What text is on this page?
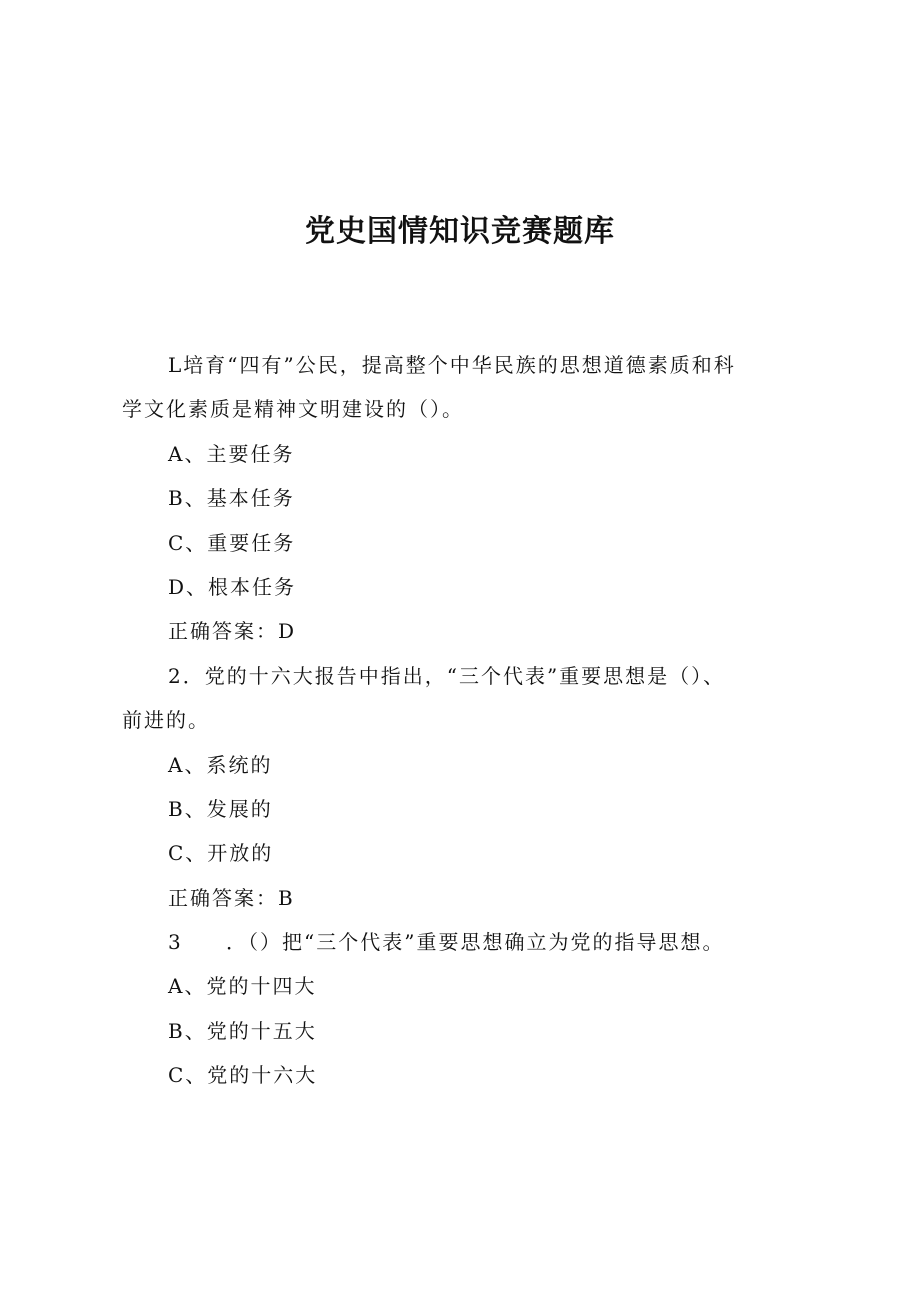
党史国情知识竞赛题库
L培育“四有”公民，提高整个中华民族的思想道德素质和科
学文化素质是精神文明建设的（）。
A、主要任务
B、基本任务
C、重要任务
D、根本任务
正确答案：D
2．党的十六大报告中指出，“三个代表”重要思想是（）、
前进的。
A、系统的
B、发展的
C、开放的
正确答案：B
3 ．（）把“三个代表”重要思想确立为党的指导思想。
A、党的十四大
B、党的十五大
C、党的十六大
